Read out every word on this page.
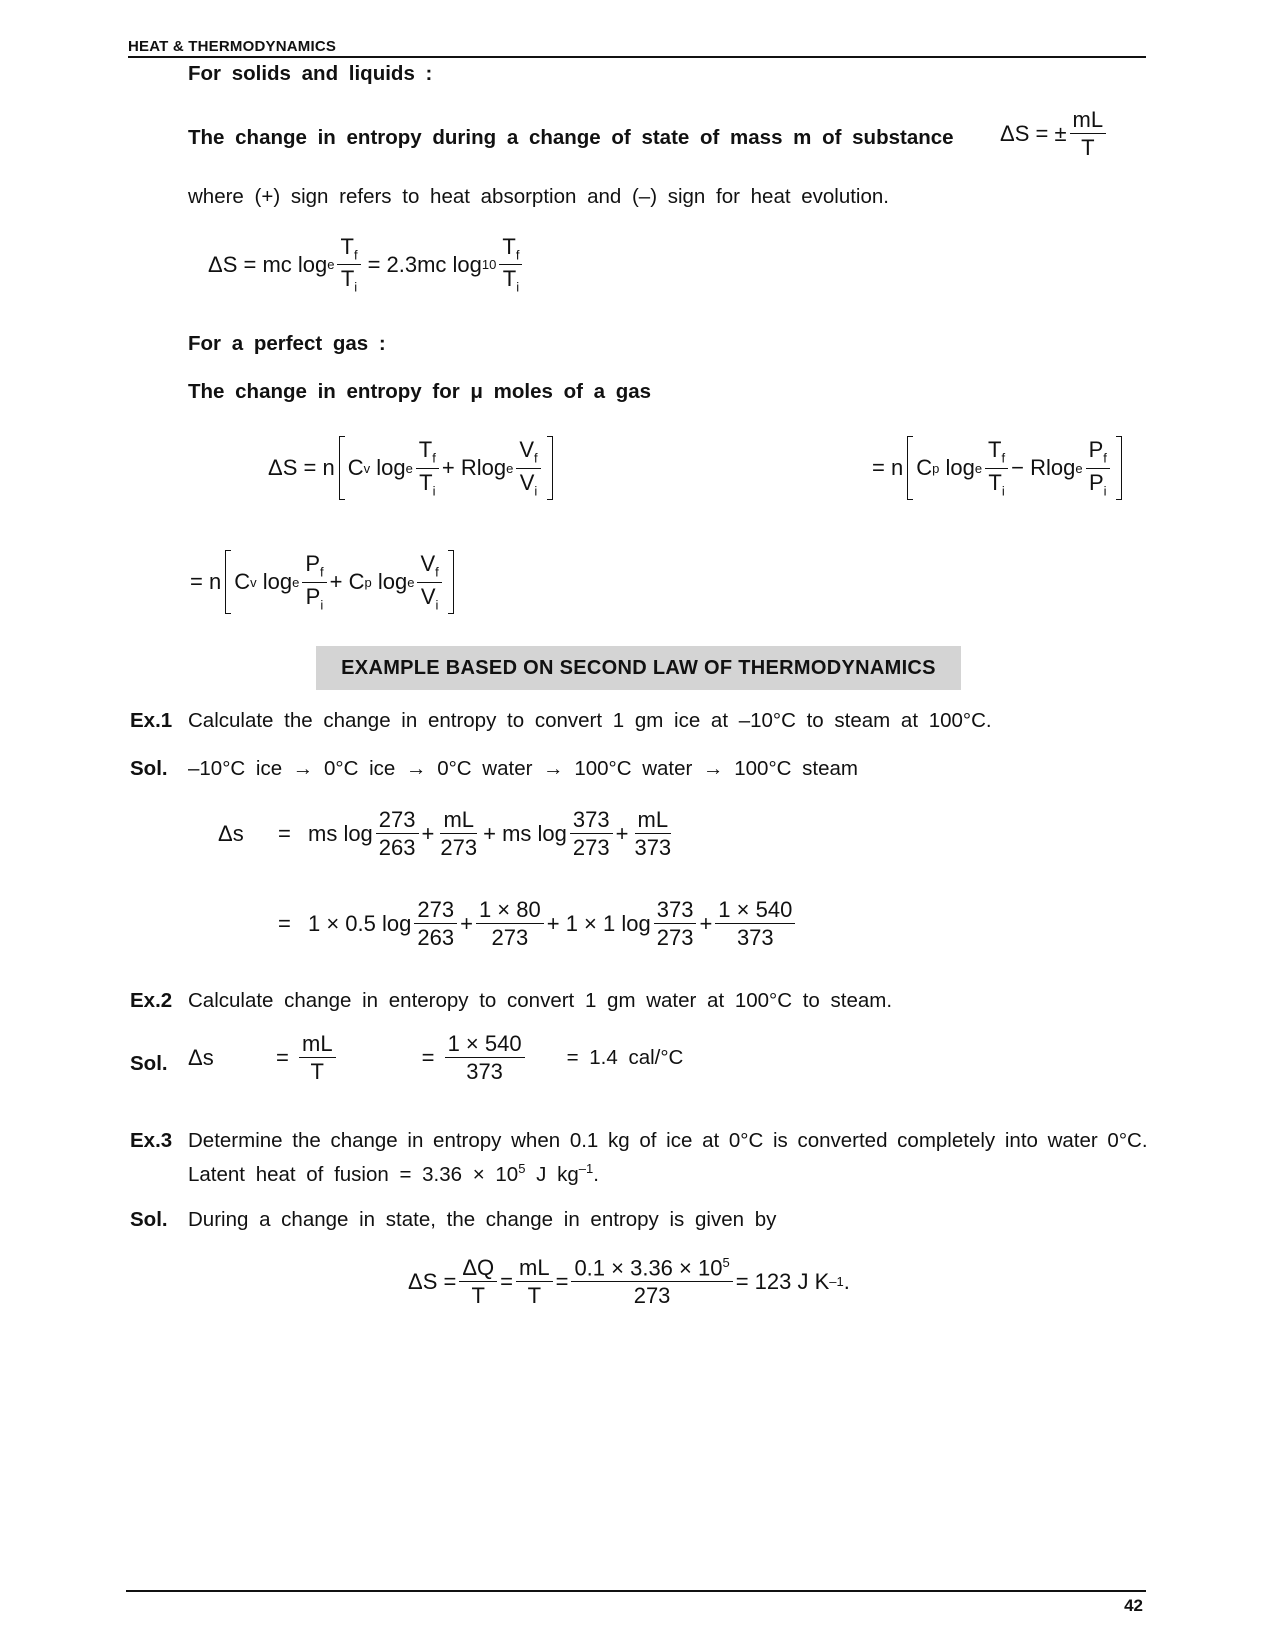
HEAT & THERMODYNAMICS
For solids and liquids :
The change in entropy during a change of state of mass m of substance ΔS = ± $\frac{mL}{T}$
where (+) sign refers to heat absorption and (–) sign for heat evolution.
ΔS = mc log e $\frac{T_f}{T_i} = 2.3mc$ $\log 10 \frac{T_f}{T_i}$
For a perfect gas :
The change in entropy for μ moles of a gas
ΔS = n C v
log e $\frac{T_f}{T_i}$ +
R log e $\frac{V_f}{V_i}$	= n C p
log e $\frac{T_f}{T_i}$ −
R log e $\frac{P_f}{P_i}$
= n C v
log e $\frac{P_f}{P_i}$ +
C p
log e $\frac{V_f}{V_i}$
EXAMPLE BASED ON SECOND LAW OF THERMODYNAMICS
Ex.1 Calculate the change in entropy to convert 1 gm ice at –10°C to steam at 100°C.
Sol. –10°C ice → 0°C ice → 0°C water → 100°C water → 100°C steam
Δs	= ms $\log \frac{273}{263} + \frac{mL}{273}$ +
ms $\log \frac{373}{273} + \frac{mL}{373}$
= 1 × 0.5 $\log \frac{273}{263} + \frac{1 \times 80}{273} + 1 \times 1$ $\log \frac{373}{273} + \frac{1 \times 540}{373}$
Ex.2 Calculate change in enteropy to convert 1 gm water at 100°C to steam.
Sol. Δs	= $\frac{mL}{T}$	= $\frac{1 \times 540}{373} = 1.4$ cal/°C
Ex.3 Determine the change in entropy when 0.1 kg of ice at 0°C is converted completely into water 0°C.
Latent heat of fusion = $3.36 \times 10^5$ J $kg^{-1}$.
Sol. During a change in state, the change in entropy is given by
$\Delta S = \frac{\Delta Q}{T} = \frac{mL}{T} = \frac{0.1 \times 3.36 \times 10^5}{273} = 123$ J K –1 .
42
